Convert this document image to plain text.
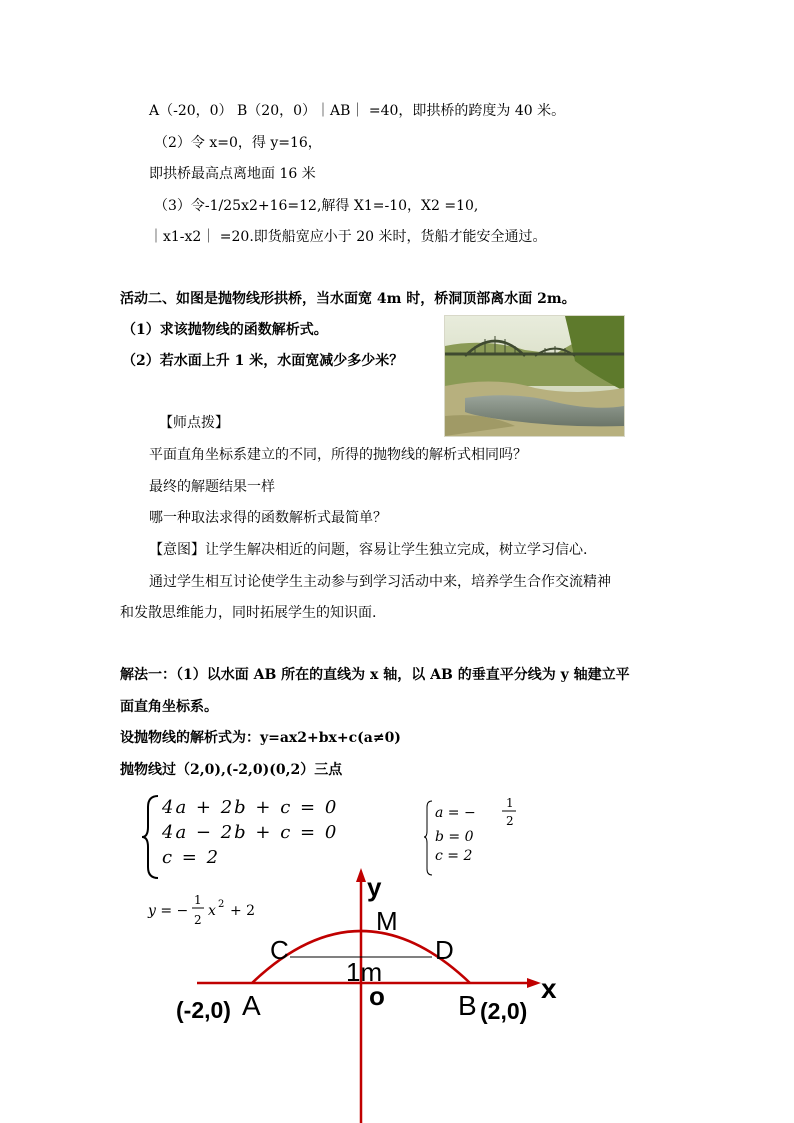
A（-20，0） B（20，0）｜AB｜ =40，即拱桥的跨度为 40 米。
（2）令 x=0，得 y=16，
即拱桥最高点离地面 16 米
（3）令-1/25x2+16=12,解得 X1=-10，X2 =10,
｜x1-x2｜ =20.即货船宽应小于 20 米时，货船才能安全通过。
活动二、如图是抛物线形拱桥，当水面宽 4m 时，桥洞顶部离水面 2m。
（1）求该抛物线的函数解析式。
（2）若水面上升 1 米，水面宽减少多少米？
【师点拨】
平面直角坐标系建立的不同，所得的抛物线的解析式相同吗？
最终的解题结果一样
哪一种取法求得的函数解析式最简单？
【意图】让学生解决相近的问题，容易让学生独立完成，树立学习信心.
通过学生相互讨论使学生主动参与到学习活动中来，培养学生合作交流精神
和发散思维能力，同时拓展学生的知识面.
解法一：（1）以水面 AB 所在的直线为 x 轴，以 AB 的垂直平分线为 y 轴建立平
面直角坐标系。
设抛物线的解析式为：y=ax2+bx+c(a≠0)
抛物线过（2,0),(-2,0)(0,2）三点
4a + 2b + c = 0
4a − 2b + c = 0
c = 2
a = −
1
2
b = 0
c = 2
y = −
1
2
x 2 + 2
y
x
o
M
C	D
1m
A	B
(-2,0)	(2,0)
